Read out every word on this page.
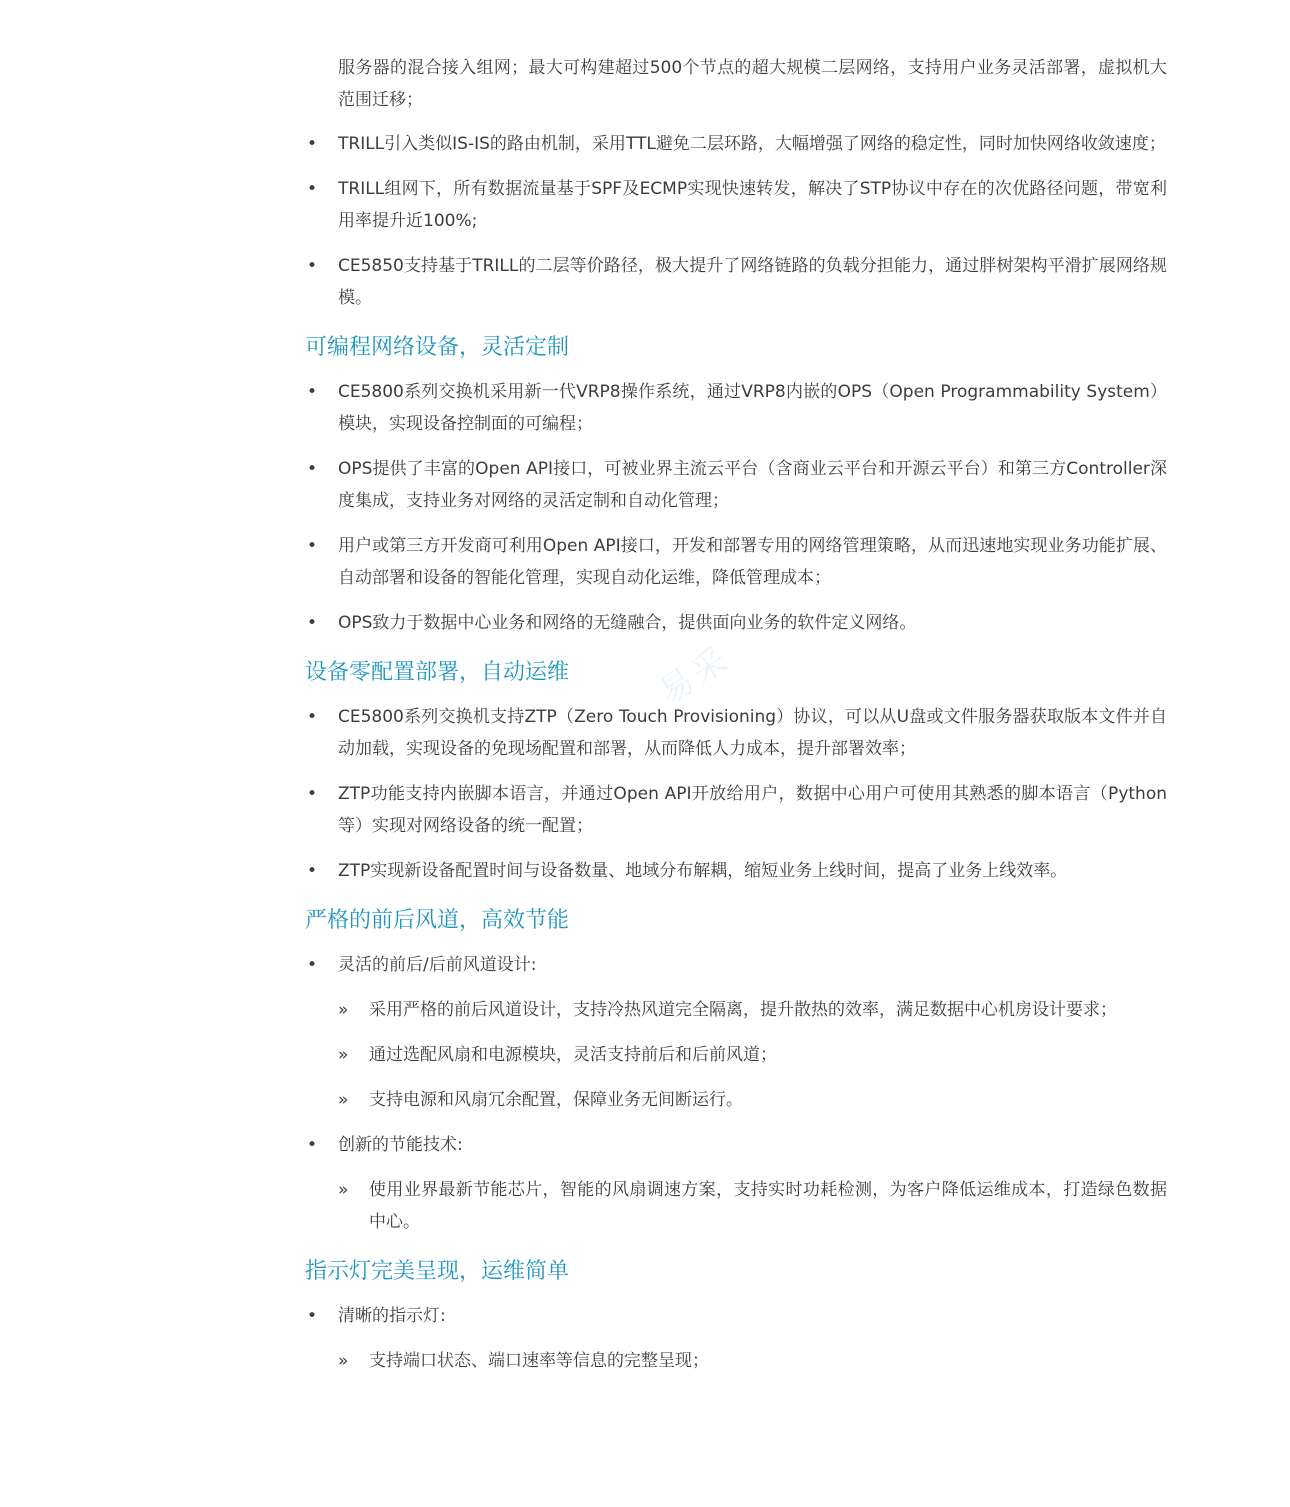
服务器的混合接入组网；最大可构建超过500个节点的超大规模二层网络，支持用户业务灵活部署，虚拟机大范围迁移；

• TRILL引入类似IS-IS的路由机制，采用TTL避免二层环路，大幅增强了网络的稳定性，同时加快网络收敛速度；
• TRILL组网下，所有数据流量基于SPF及ECMP实现快速转发，解决了STP协议中存在的次优路径问题，带宽利用率提升近100%;
• CE5850支持基于TRILL的二层等价路径，极大提升了网络链路的负载分担能力，通过胖树架构平滑扩展网络规模。
可编程网络设备，灵活定制
• CE5800系列交换机采用新一代VRP8操作系统，通过VRP8内嵌的OPS（Open Programmability System）模块，实现设备控制面的可编程；
• OPS提供了丰富的Open API接口，可被业界主流云平台（含商业云平台和开源云平台）和第三方Controller深度集成，支持业务对网络的灵活定制和自动化管理；
• 用户或第三方开发商可利用Open API接口，开发和部署专用的网络管理策略，从而迅速地实现业务功能扩展、自动部署和设备的智能化管理，实现自动化运维，降低管理成本；
• OPS致力于数据中心业务和网络的无缝融合，提供面向业务的软件定义网络。
设备零配置部署，自动运维
• CE5800系列交换机支持ZTP（Zero Touch Provisioning）协议，可以从U盘或文件服务器获取版本文件并自动加载，实现设备的免现场配置和部署，从而降低人力成本，提升部署效率；
• ZTP功能支持内嵌脚本语言，并通过Open API开放给用户，数据中心用户可使用其熟悉的脚本语言（Python等）实现对网络设备的统一配置；
• ZTP实现新设备配置时间与设备数量、地域分布解耦，缩短业务上线时间，提高了业务上线效率。
严格的前后风道，高效节能
• 灵活的前后/后前风道设计:
»	采用严格的前后风道设计，支持冷热风道完全隔离，提升散热的效率，满足数据中心机房设计要求；
»	通过选配风扇和电源模块，灵活支持前后和后前风道；
»	支持电源和风扇冗余配置，保障业务无间断运行。
• 创新的节能技术:
»	使用业界最新节能芯片，智能的风扇调速方案，支持实时功耗检测，为客户降低运维成本，打造绿色数据中心。
指示灯完美呈现，运维简单
• 清晰的指示灯:
»	支持端口状态、端口速率等信息的完整呈现；
易采
